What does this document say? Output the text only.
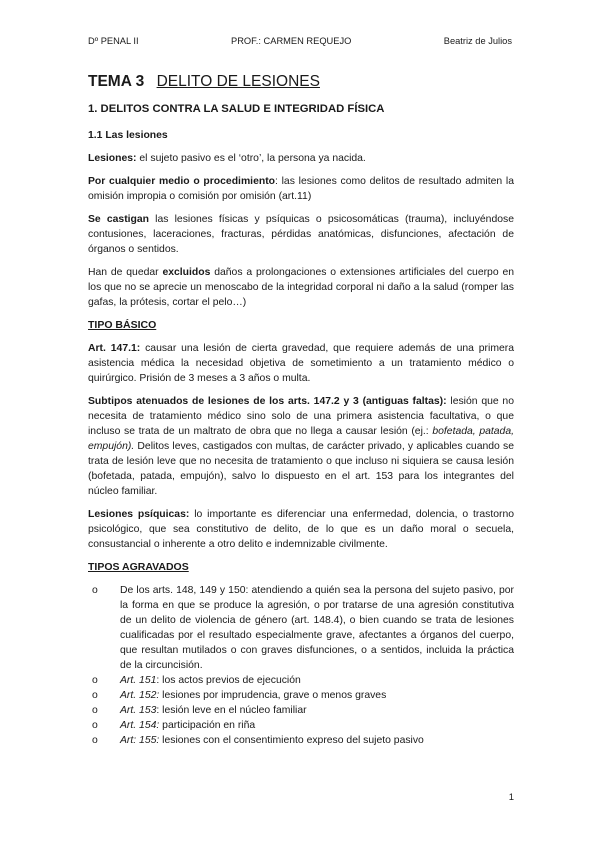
Dº PENAL II	PROF.: CARMEN REQUEJO	Beatriz de Julios
TEMA 3 DELITO DE LESIONES
1. DELITOS CONTRA LA SALUD E INTEGRIDAD FÍSICA
1.1 Las lesiones

Lesiones: el sujeto pasivo es el ‘otro’, la persona ya nacida.

Por cualquier medio o procedimiento: las lesiones como delitos de resultado admiten la omisión impropia o comisión por omisión (art.11)

Se castigan las lesiones físicas y psíquicas o psicosomáticas (trauma), incluyéndose contusiones, laceraciones, fracturas, pérdidas anatómicas, disfunciones, afectación de órganos o sentidos.

Han de quedar excluidos daños a prolongaciones o extensiones artificiales del cuerpo en los que no se aprecie un menoscabo de la integridad corporal ni daño a la salud (romper las gafas, la prótesis, cortar el pelo…)

TIPO BÁSICO

Art. 147.1: causar una lesión de cierta gravedad, que requiere además de una primera asistencia médica la necesidad objetiva de sometimiento a un tratamiento médico o quirúrgico. Prisión de 3 meses a 3 años o multa.

Subtipos atenuados de lesiones de los arts. 147.2 y 3 (antiguas faltas): lesión que no necesita de tratamiento médico sino solo de una primera asistencia facultativa, o que incluso se trata de un maltrato de obra que no llega a causar lesión (ej.: bofetada, patada, empujón). Delitos leves, castigados con multas, de carácter privado, y aplicables cuando se trata de lesión leve que no necesita de tratamiento o que incluso ni siquiera se causa lesión (bofetada, patada, empujón), salvo lo dispuesto en el art. 153 para los integrantes del núcleo familiar.

Lesiones psíquicas: lo importante es diferenciar una enfermedad, dolencia, o trastorno psicológico, que sea constitutivo de delito, de lo que es un daño moral o secuela, consustancial o inherente a otro delito e indemnizable civilmente.

TIPOS AGRAVADOS
o De los arts. 148, 149 y 150: atendiendo a quién sea la persona del sujeto pasivo, por la forma en que se produce la agresión, o por tratarse de una agresión constitutiva de un delito de violencia de género (art. 148.4), o bien cuando se trata de lesiones cualificadas por el resultado especialmente grave, afectantes a órganos del cuerpo, que resultan mutilados o con graves disfunciones, o a sentidos, incluida la práctica de la circuncisión.
o Art. 151: los actos previos de ejecución
o Art. 152: lesiones por imprudencia, grave o menos graves
o Art. 153: lesión leve en el núcleo familiar
o Art. 154: participación en riña
o Art: 155: lesiones con el consentimiento expreso del sujeto pasivo
1
